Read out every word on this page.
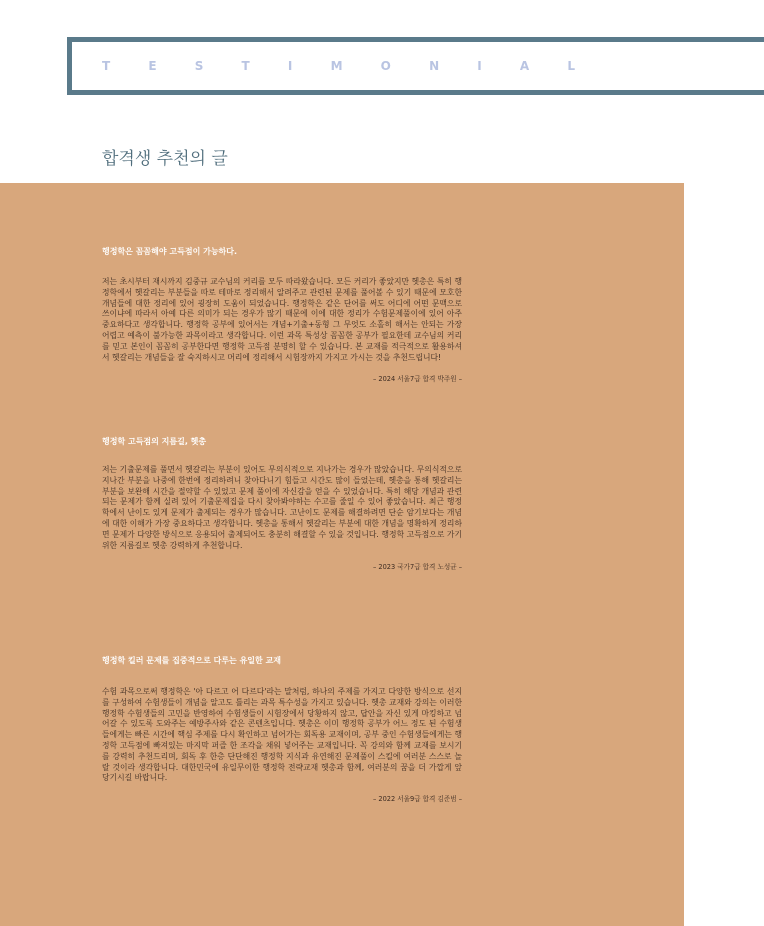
T E S T I M O N I A L
합격생 추천의 글

행정학은 꼼꼼해야 고득점이 가능하다.

저는 초시부터 재시까지 김중규 교수님의 커리를 모두 따라왔습니다. 모든 커리가 좋았지만 헷총은 특히 행정학에서 헷갈리는 부분들을 따로 테마로 정리해서 알려주고 관련된 문제를 풀어볼 수 있기 때문에 모호한 개념들에 대한 정리에 있어 굉장히 도움이 되었습니다. 행정학은 같은 단어를 써도 어디에 어떤 문맥으로 쓰이냐에 따라서 아예 다른 의미가 되는 경우가 많기 때문에 이에 대한 정리가 수험문제풀이에 있어 아주 중요하다고 생각합니다. 행정학 공부에 있어서는 개념+기출+동형 그 무엇도 소홀히 해서는 안되는 가장 어렵고 예측이 불가능한 과목이라고 생각합니다. 이런 과목 특성상 꼼꼼한 공부가 필요한데 교수님의 커리를 믿고 본인이 꼼꼼히 공부한다면 행정학 고득점 분명히 할 수 있습니다. 본 교재를 적극적으로 활용하셔서 헷갈리는 개념들을 잘 숙지하시고 머리에 정리해서 시험장까지 가지고 가시는 것을 추천드립니다!

– 2024 서울7급 합격 박주원 –

행정학 고득점의 지름길, 헷총

저는 기출문제를 풀면서 헷갈리는 부분이 있어도 무의식적으로 지나가는 경우가 많았습니다. 무의식적으로 지나간 부분을 나중에 한번에 정리하려니 찾아다니기 힘들고 시간도 많이 들었는데, 헷총을 통해 헷갈리는 부분을 보완해 시간을 절약할 수 있었고 문제 풀이에 자신감을 얻을 수 있었습니다. 특히 해당 개념과 관련되는 문제가 함께 실려 있어 기출문제집을 다시 찾아봐야하는 수고를 줄일 수 있어 좋았습니다. 최근 행정학에서 난이도 있게 문제가 출제되는 경우가 많습니다. 고난이도 문제를 해결하려면 단순 암기보다는 개념에 대한 이해가 가장 중요하다고 생각합니다. 헷총을 통해서 헷갈리는 부분에 대한 개념을 명확하게 정리하면 문제가 다양한 방식으로 응용되어 출제되어도 충분히 해결할 수 있을 것입니다. 행정학 고득점으로 가기위한 지름길로 헷총 강력하게 추천합니다.

– 2023 국가7급 합격 노성균 –

행정학 킬러 문제를 집중적으로 다루는 유일한 교재

수험 과목으로써 행정학은 '아 다르고 어 다르다'라는 말처럼, 하나의 주제를 가지고 다양한 방식으로 선지를 구성하여 수험생들이 개념을 알고도 틀리는 과목 특수성을 가지고 있습니다. 헷총 교재와 강의는 이러한 행정학 수험생들의 고민을 반영하여 수험생들이 시험장에서 당황하지 않고, 답안을 자신 있게 마킹하고 넘어갈 수 있도록 도와주는 예방주사와 같은 콘텐츠입니다. 헷총은 이미 행정학 공부가 어느 정도 된 수험생들에게는 빠른 시간에 핵심 주제를 다시 확인하고 넘어가는 회독용 교재이며, 공부 중인 수험생들에게는 행정학 고득점에 빠져있는 마지막 퍼즐 한 조각을 채워 넣어주는 교재입니다. 꼭 강의와 함께 교재를 보시기를 강력히 추천드리며, 회독 후 한층 단단해진 행정학 지식과 유연해진 문제풀이 스킬에 여러분 스스로 놀랄 것이라 생각합니다. 대한민국에 유일무이한 행정학 전략교재 헷총과 함께, 여러분의 꿈을 더 가깝게 앞당기시길 바랍니다.

– 2022 서울9급 합격 김준범 –
